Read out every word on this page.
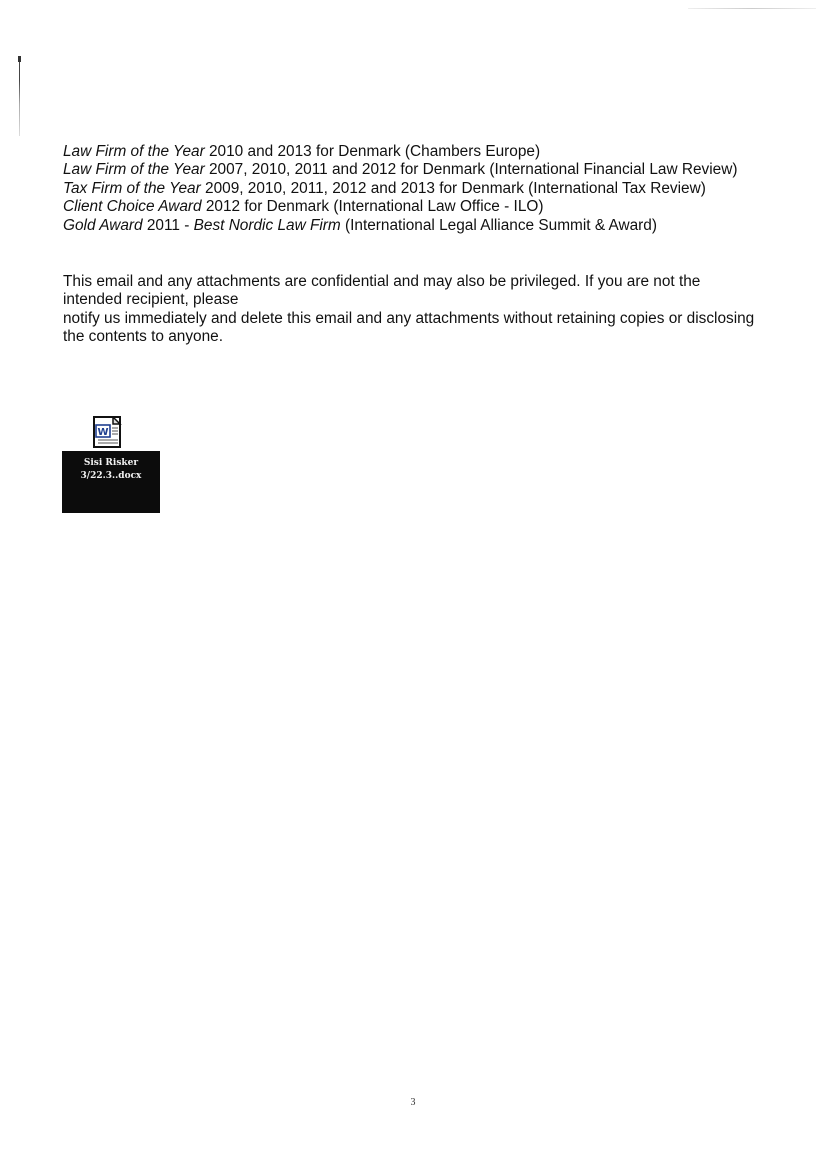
Law Firm of the Year 2010 and 2013 for Denmark (Chambers Europe)

Law Firm of the Year 2007, 2010, 2011 and 2012 for Denmark (International Financial Law Review)

Tax Firm of the Year 2009, 2010, 2011, 2012 and 2013 for Denmark (International Tax Review)

Client Choice Award 2012 for Denmark (International Law Office - ILO)

Gold Award 2011 - Best Nordic Law Firm (International Legal Alliance Summit & Award)

This email and any attachments are confidential and may also be privileged. If you are not the intended recipient, please

notify us immediately and delete this email and any attachments without retaining copies or disclosing the contents to anyone.

W
Sisi Risker
3/22.3..docx
3
